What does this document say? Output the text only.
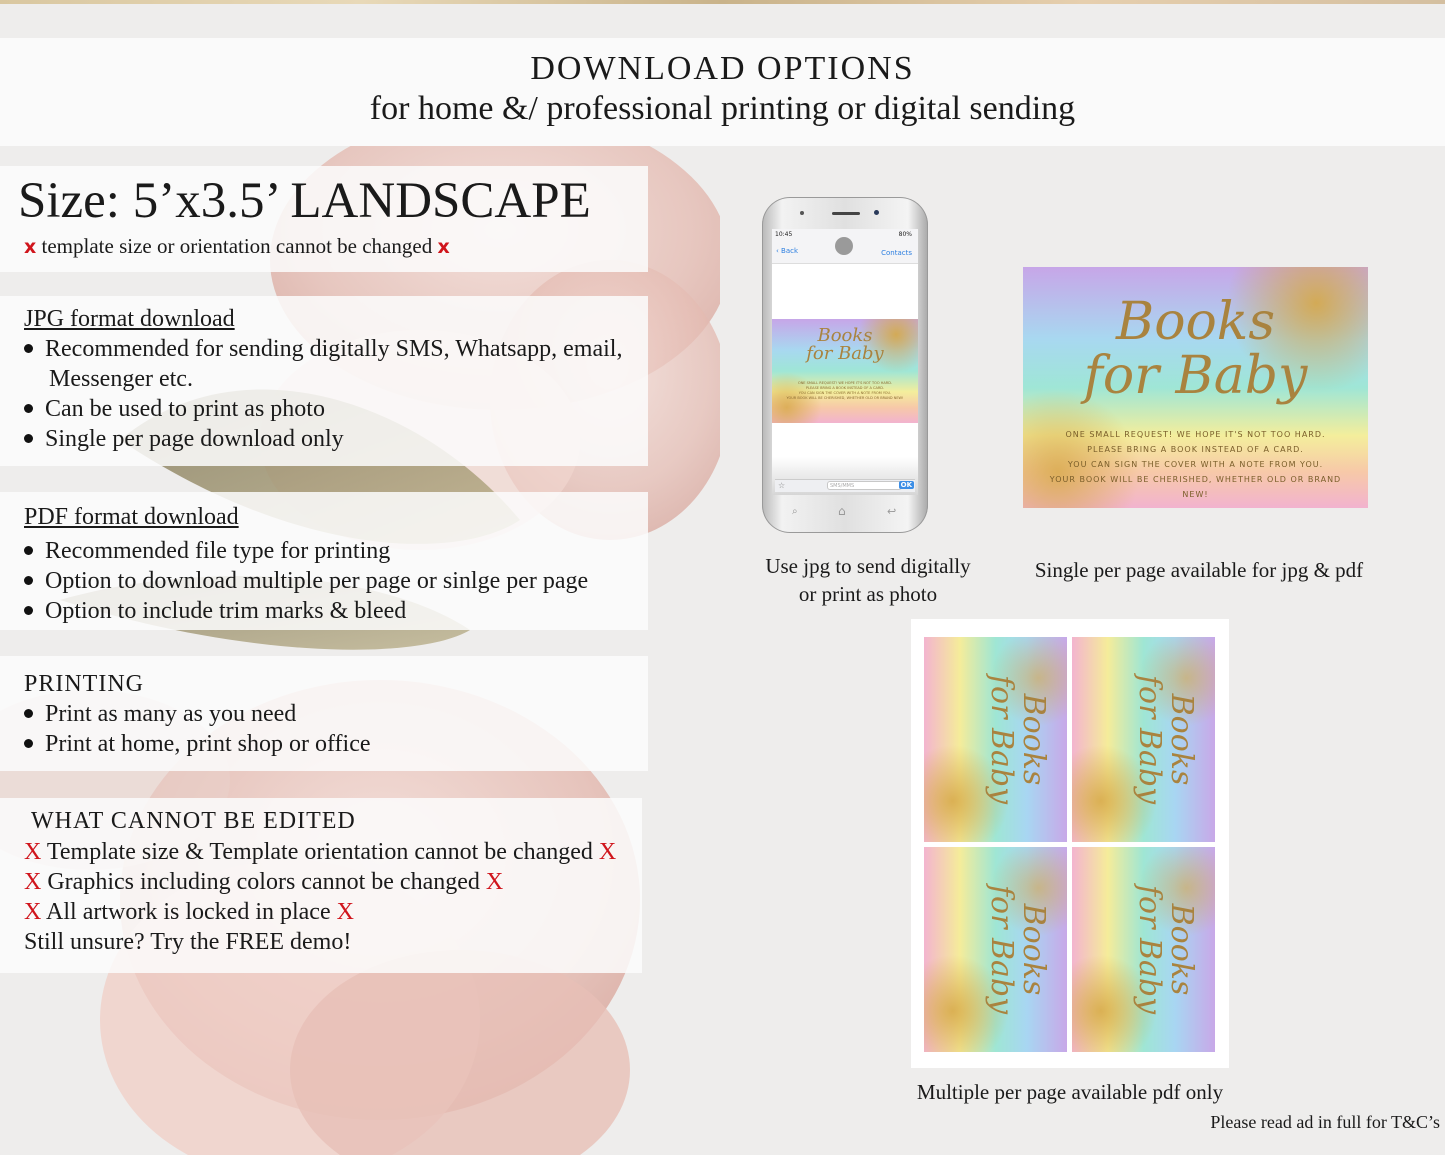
DOWNLOAD OPTIONS
for home &/ professional printing or digital sending
Size: 5’x3.5’ LANDSCAPE
x template size or orientation cannot be changed x
JPG format download
Recommended for sending digitally SMS, Whatsapp, email,
Messenger etc.
Can be used to print as photo
Single per page download only
PDF format download
Recommended file type for printing
Option to download multiple per page or sinlge per page
Option to include trim marks & bleed
PRINTING
Print as many as you need
Print at home, print shop or office
WHAT CANNOT BE EDITED
X Template size & Template orientation cannot be changed X
X Graphics including colors cannot be changed X
X All artwork is locked in place X
Still unsure? Try the FREE demo!
10:45	80%
‹ Back	Contacts
Books
for Baby
ONE SMALL REQUEST! WE HOPE IT'S NOT TOO HARD.
PLEASE BRING A BOOK INSTEAD OF A CARD.
YOU CAN SIGN THE COVER WITH A NOTE FROM YOU.
YOUR BOOK WILL BE CHERISHED, WHETHER OLD OR BRAND NEW!
☆	SMS/MMS	OK
⌕	⌂	↩
Use jpg to send digitally
or print as photo
Books
for Baby
ONE SMALL REQUEST! WE HOPE IT'S NOT TOO HARD.
PLEASE BRING A BOOK INSTEAD OF A CARD.
YOU CAN SIGN THE COVER WITH A NOTE FROM YOU.
YOUR BOOK WILL BE CHERISHED, WHETHER OLD OR BRAND NEW!
Single per page available for jpg & pdf
Books
for Baby	Books
for Baby
Books
for Baby	Books
for Baby
Multiple per page available pdf only
Please read ad in full for T&C’s
